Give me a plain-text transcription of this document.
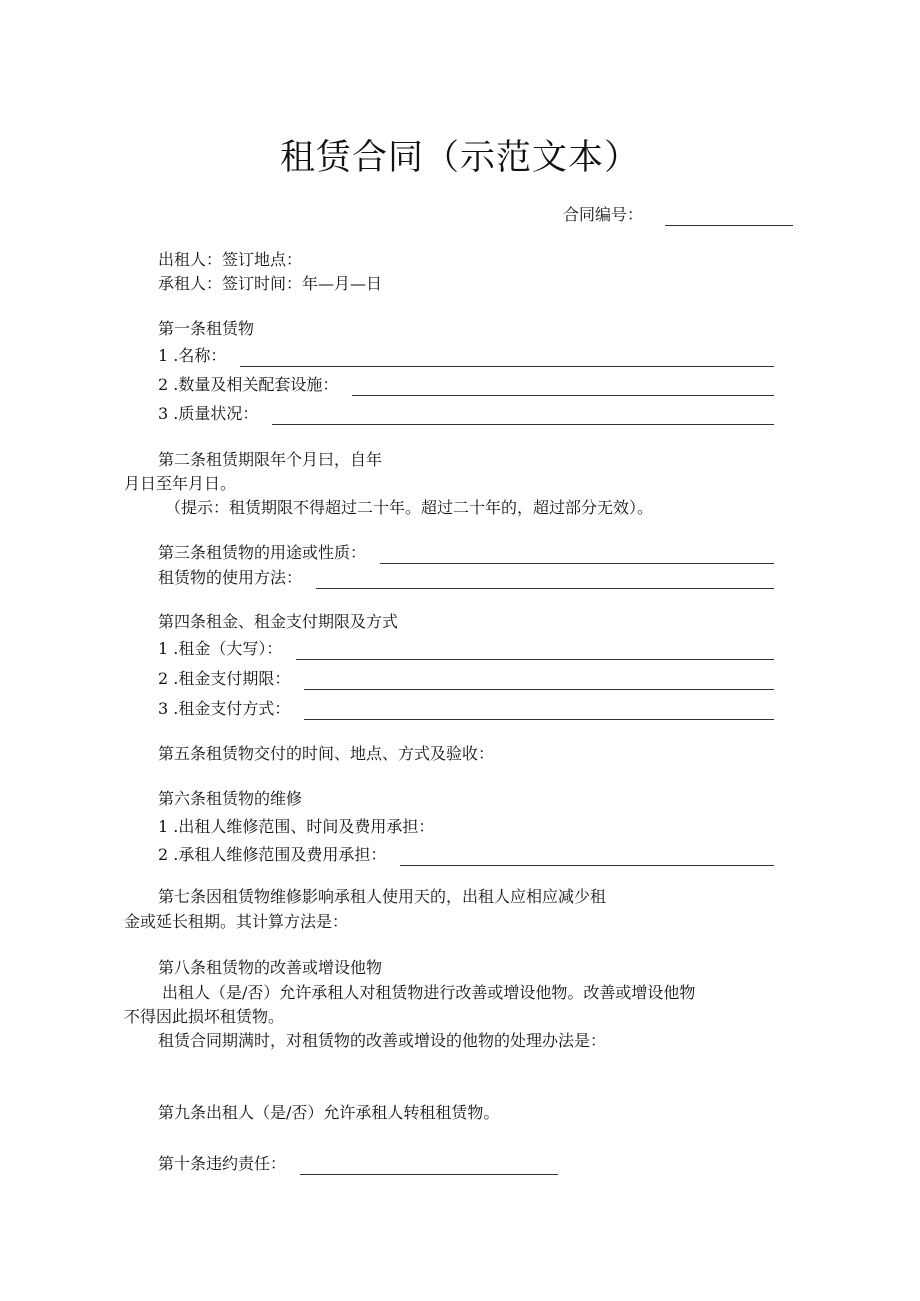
租赁合同（示范文本）
合同编号：
出租人：签订地点：
承租人：签订时间：年—月—日
第一条租赁物
1 .名称：
2 .数量及相关配套设施：
3 .质量状况：
第二条租赁期限年个月曰，自年
月日至年月日。
（提示：租赁期限不得超过二十年。超过二十年的，超过部分无效）。
第三条租赁物的用途或性质：
租赁物的使用方法：
第四条租金、租金支付期限及方式
1 .租金（大写）：
2 .租金支付期限：
3 .租金支付方式：
第五条租赁物交付的时间、地点、方式及验收：
第六条租赁物的维修
1 .出租人维修范围、时间及费用承担：
2 .承租人维修范围及费用承担：
第七条因租赁物维修影响承租人使用天的，出租人应相应减少租
金或延长租期。其计算方法是：
第八条租赁物的改善或增设他物
出租人（是/否）允许承租人对租赁物进行改善或增设他物。改善或增设他物
不得因此损坏租赁物。
租赁合同期满时，对租赁物的改善或增设的他物的处理办法是：
第九条出租人（是/否）允许承租人转租租赁物。
第十条违约责任：
